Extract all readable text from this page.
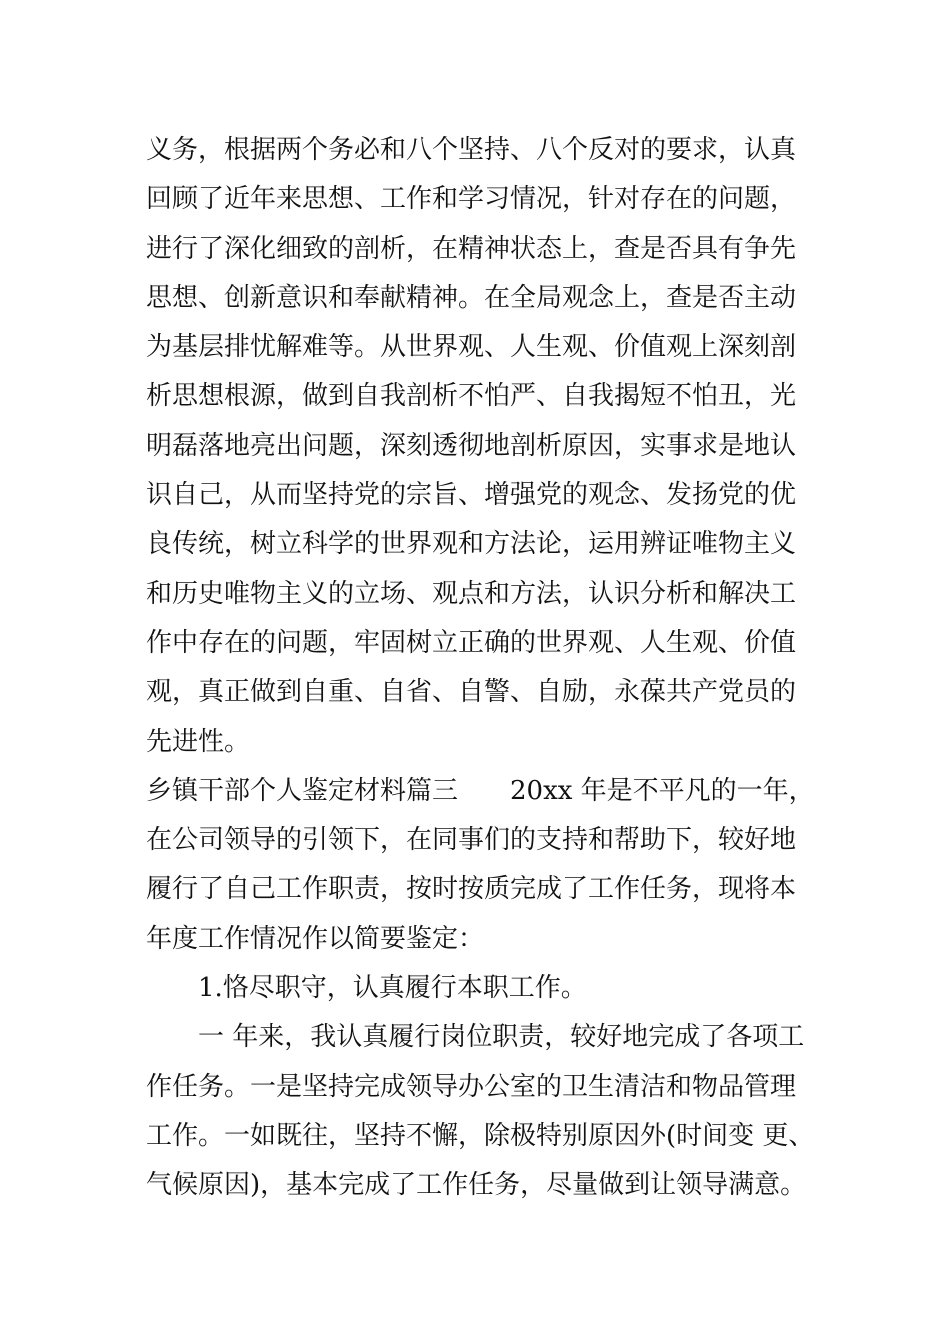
义务，根据两个务必和八个坚持、八个反对的要求，认真
回顾了近年来思想、工作和学习情况，针对存在的问题，
进行了深化细致的剖析，在精神状态上，查是否具有争先
思想、创新意识和奉献精神。在全局观念上，查是否主动
为基层排忧解难等。从世界观、人生观、价值观上深刻剖
析思想根源，做到自我剖析不怕严、自我揭短不怕丑，光
明磊落地亮出问题，深刻透彻地剖析原因，实事求是地认
识自己，从而坚持党的宗旨、增强党的观念、发扬党的优
良传统，树立科学的世界观和方法论，运用辨证唯物主义
和历史唯物主义的立场、观点和方法，认识分析和解决工
作中存在的问题，牢固树立正确的世界观、人生观、价值
观，真正做到自重、自省、自警、自励，永葆共产党员的
先进性。
乡镇干部个人鉴定材料篇三　　20xx 年是不平凡的一年，
在公司领导的引领下，在同事们的支持和帮助下，较好地
履行了自己工作职责，按时按质完成了工作任务，现将本
年度工作情况作以简要鉴定：
　　1.恪尽职守，认真履行本职工作。
　　一 年来，我认真履行岗位职责，较好地完成了各项工
作任务。一是坚持完成领导办公室的卫生清洁和物品管理
工作。一如既往，坚持不懈，除极特别原因外(时间变 更、
气候原因)，基本完成了工作任务，尽量做到让领导满意。
